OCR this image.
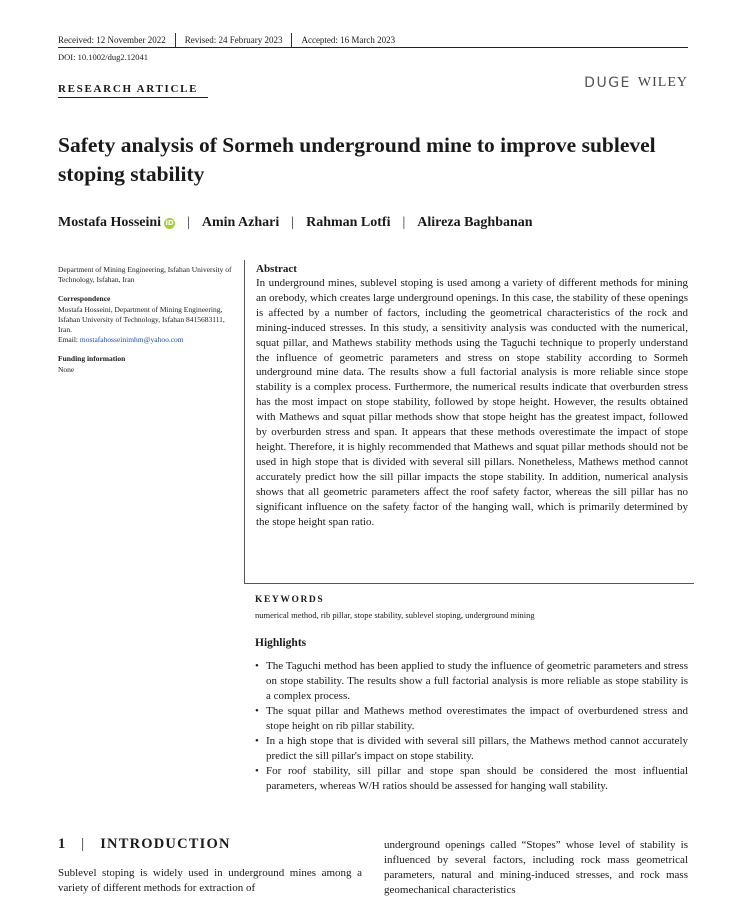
Received: 12 November 2022 Revised: 24 February 2023 Accepted: 16 March 2023
DOI: 10.1002/dug2.12041
RESEARCH ARTICLE	DUGE WILEY
Safety analysis of Sormeh underground mine to improve sublevel stoping stability
Mostafa Hosseini iD | Amin Azhari | Rahman Lotfi | Alireza Baghbanan
Department of Mining Engineering, Isfahan University of Technology, Isfahan, Iran
Correspondence
Mostafa Hosseini, Department of Mining Engineering, Isfahan University of Technology, Isfahan 8415683111, Iran.
Email: mostafahosseinimhm@yahoo.com
Funding information
None
Abstract

In underground mines, sublevel stoping is used among a variety of different methods for mining an orebody, which creates large underground openings. In this case, the stability of these openings is affected by a number of factors, including the geometrical characteristics of the rock and mining-induced stresses. In this study, a sensitivity analysis was conducted with the numerical, squat pillar, and Mathews stability methods using the Taguchi technique to properly understand the influence of geometric parameters and stress on stope stability according to Sormeh underground mine data. The results show a full factorial analysis is more reliable since stope stability is a complex process. Furthermore, the numerical results indicate that overburden stress has the most impact on stope stability, followed by stope height. However, the results obtained with Mathews and squat pillar methods show that stope height has the greatest impact, followed by overburden stress and span. It appears that these methods overestimate the impact of stope height. Therefore, it is highly recommended that Mathews and squat pillar methods should not be used in high stope that is divided with several sill pillars. Nonetheless, Mathews method cannot accurately predict how the sill pillar impacts the stope stability. In addition, numerical analysis shows that all geometric parameters affect the roof safety factor, whereas the sill pillar has no significant influence on the safety factor of the hanging wall, which is primarily determined by the stope height span ratio.

KEYWORDS
numerical method, rib pillar, stope stability, sublevel stoping, underground mining
Highlights
• The Taguchi method has been applied to study the influence of geometric parameters and stress on stope stability. The results show a full factorial analysis is more reliable as stope stability is a complex process.
• The squat pillar and Mathews method overestimates the impact of overburdened stress and stope height on rib pillar stability.
• In a high stope that is divided with several sill pillars, the Mathews method cannot accurately predict the sill pillar's impact on stope stability.
• For roof stability, sill pillar and stope span should be considered the most influential parameters, whereas W/H ratios should be assessed for hanging wall stability.
1 | INTRODUCTION

Sublevel stoping is widely used in underground mines among a variety of different methods for extraction of

underground openings called “Stopes” whose level of stability is influenced by several factors, including rock mass geometrical parameters, natural and mining-induced stresses, and rock mass geomechanical characteristics
